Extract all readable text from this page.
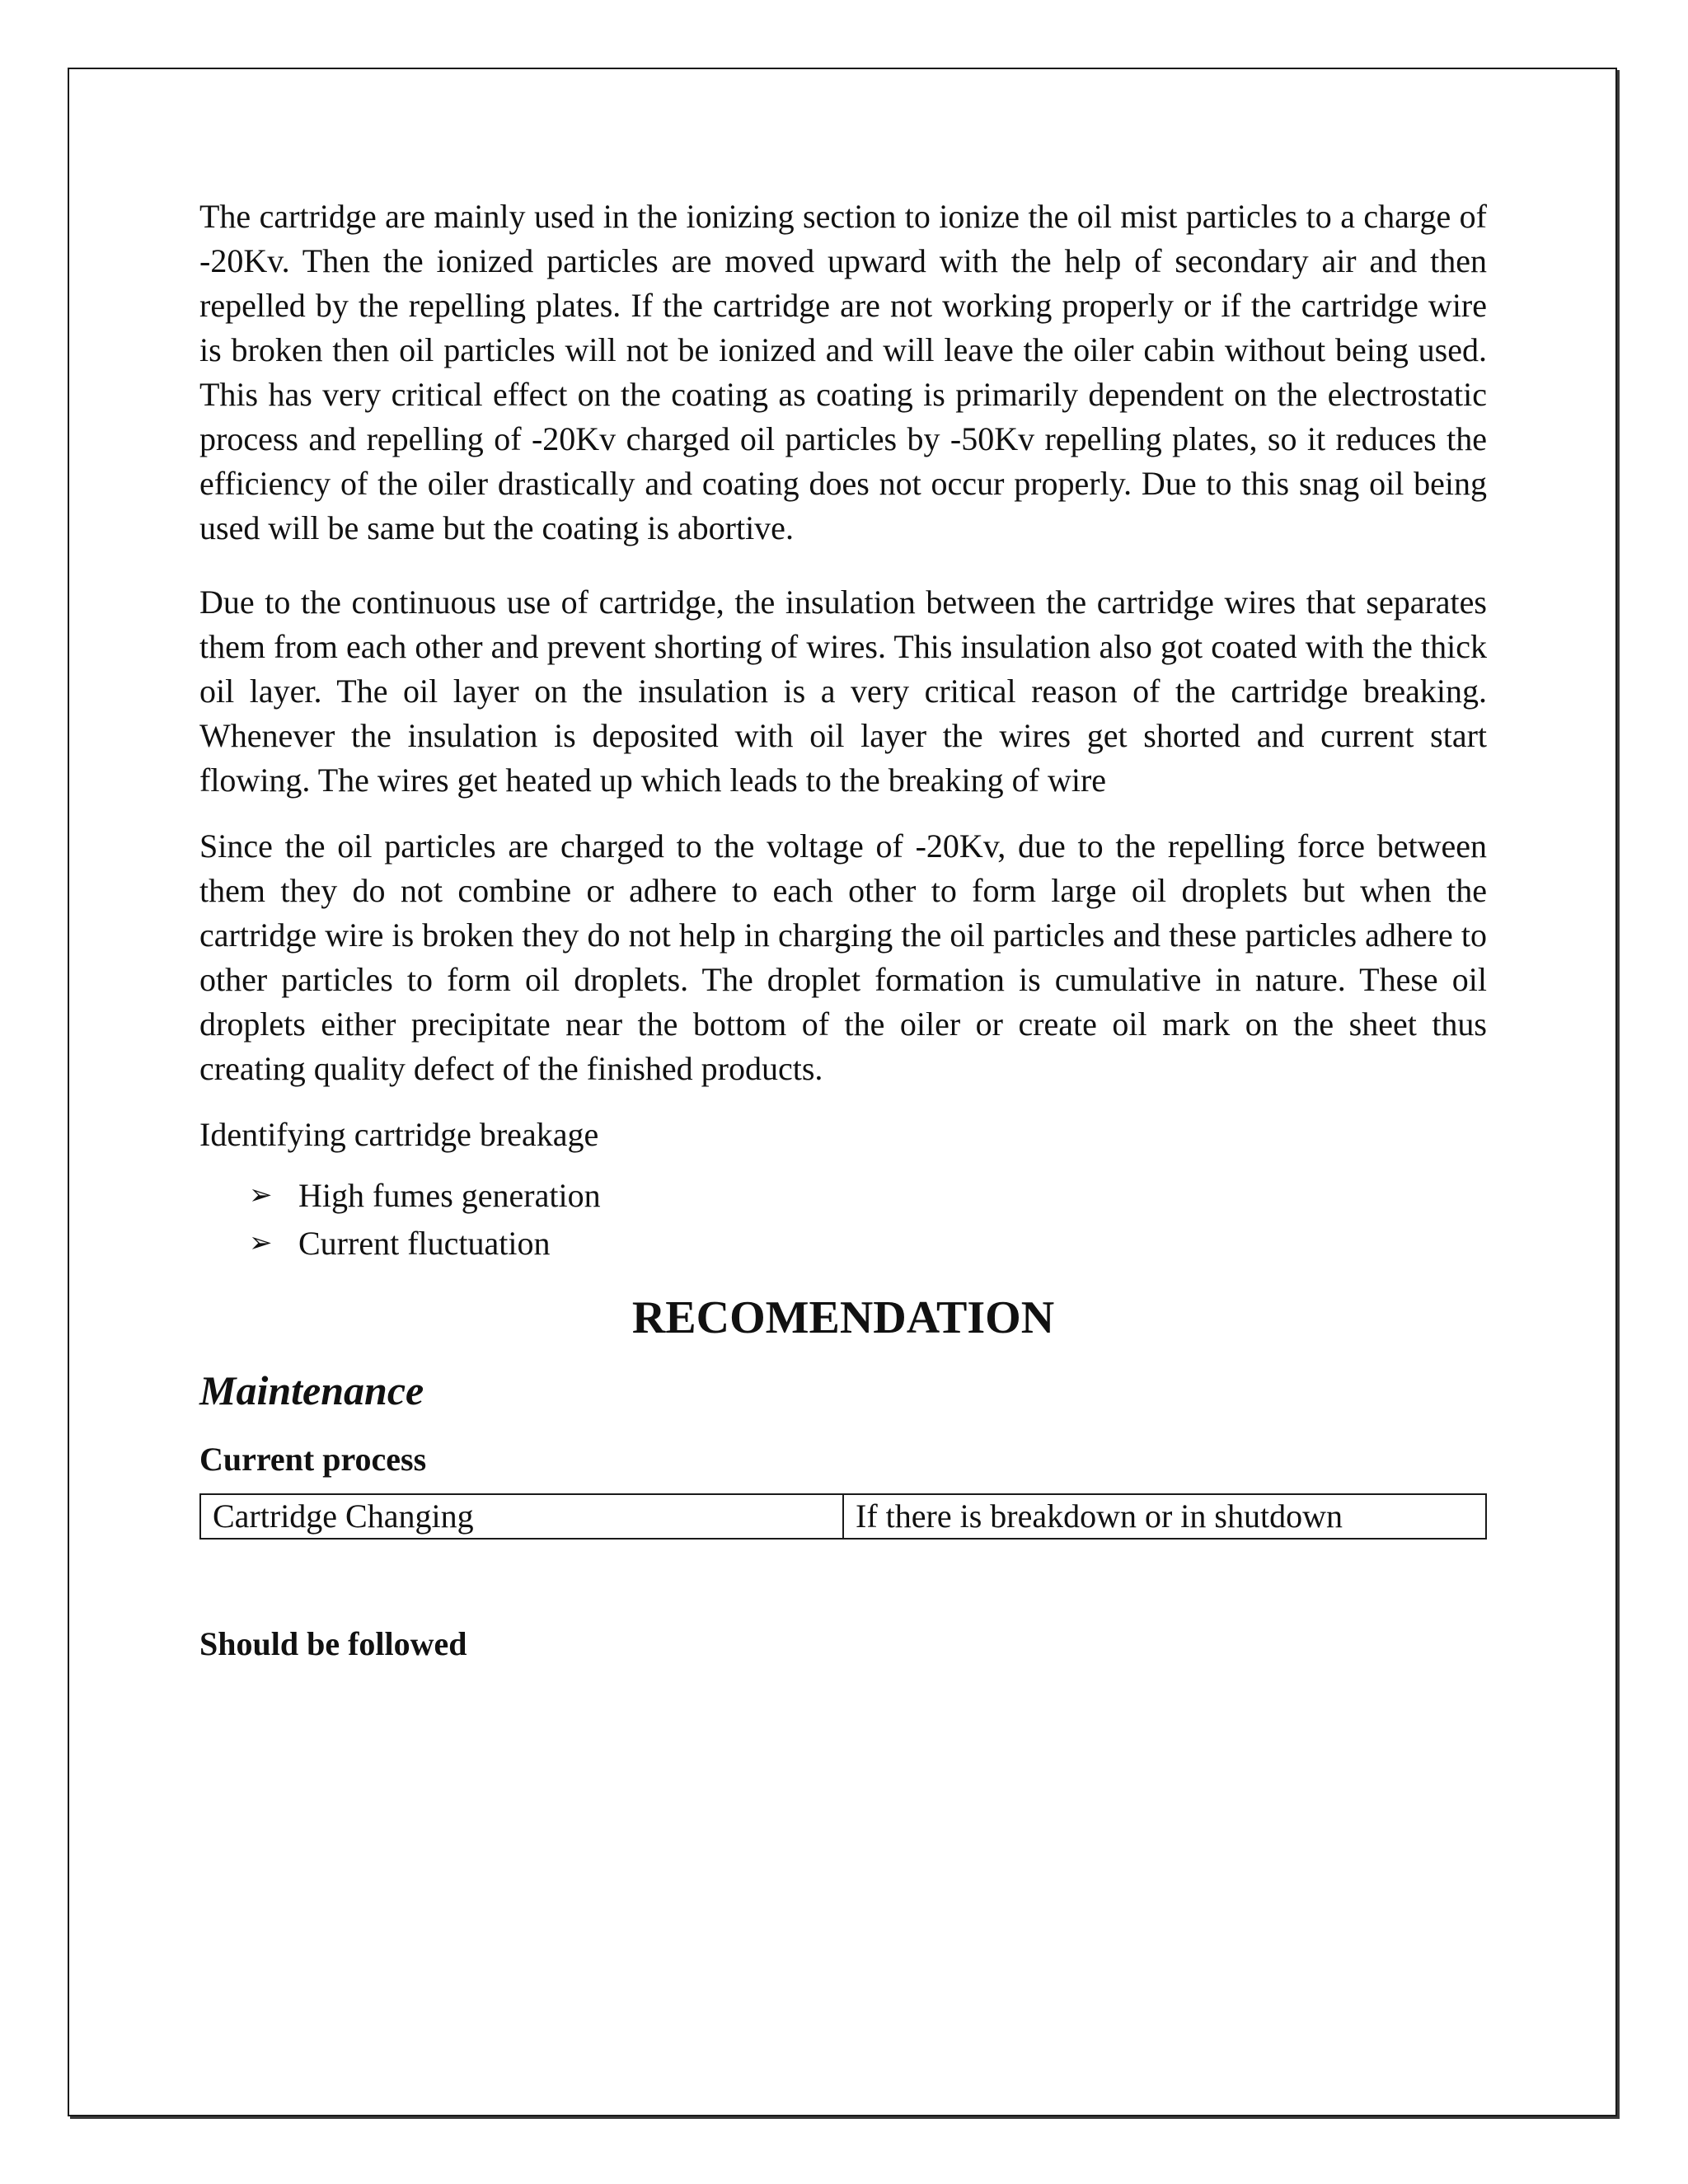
The cartridge are mainly used in the ionizing section to ionize the oil mist particles to a charge of -20Kv. Then the ionized particles are moved upward with the help of secondary air and then repelled by the repelling plates. If the cartridge are not working properly or if the cartridge wire is broken then oil particles will not be ionized and will leave the oiler cabin without being used. This has very critical effect on the coating as coating is primarily dependent on the electrostatic process and repelling of -20Kv charged oil particles by -50Kv repelling plates, so it reduces the efficiency of the oiler drastically and coating does not occur properly. Due to this snag oil being used will be same but the coating is abortive.

Due to the continuous use of cartridge, the insulation between the cartridge wires that separates them from each other and prevent shorting of wires. This insulation also got coated with the thick oil layer. The oil layer on the insulation is a very critical reason of the cartridge breaking. Whenever the insulation is deposited with oil layer the wires get shorted and current start flowing. The wires get heated up which leads to the breaking of wire

Since the oil particles are charged to the voltage of -20Kv, due to the repelling force between them they do not combine or adhere to each other to form large oil droplets but when the cartridge wire is broken they do not help in charging the oil particles and these particles adhere to other particles to form oil droplets. The droplet formation is cumulative in nature. These oil droplets either precipitate near the bottom of the oiler or create oil mark on the sheet thus creating quality defect of the finished products.

Identifying cartridge breakage

➢ High fumes generation
➢ Current fluctuation
RECOMENDATION
Maintenance
Current process
Cartridge Changing	If there is breakdown or in shutdown
Should be followed
